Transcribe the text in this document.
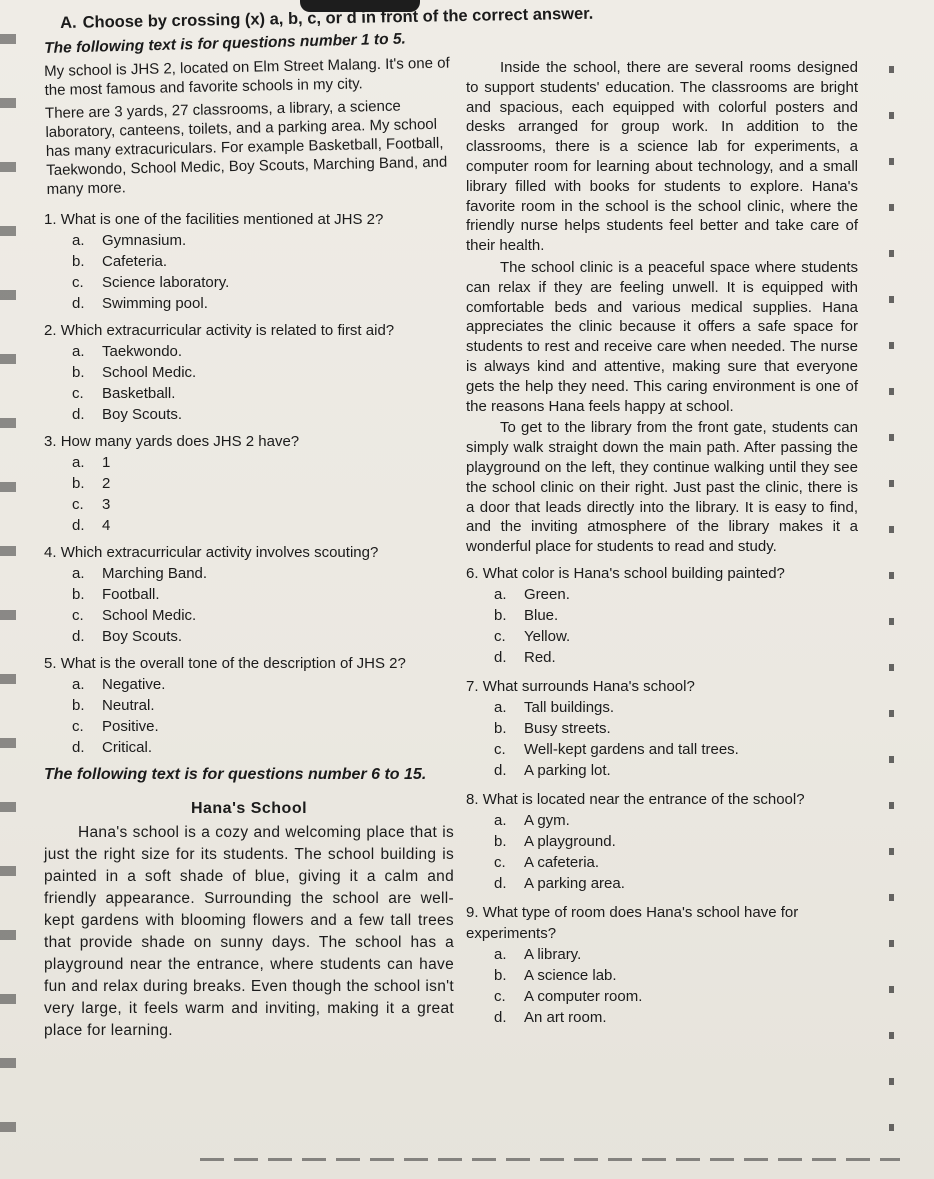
A. Choose by crossing (x) a, b, c, or d in front of the correct answer.
The following text is for questions number 1 to 5.

My school is JHS 2, located on Elm Street Malang. It's one of the most famous and favorite schools in my city.

There are 3 yards, 27 classrooms, a library, a science laboratory, canteens, toilets, and a parking area. My school has many extracuriculars. For example Basketball, Football, Taekwondo, School Medic, Boy Scouts, Marching Band, and many more.

1. What is one of the facilities mentioned at JHS 2?

a. Gymnasium.

b. Cafeteria.

c. Science laboratory.

d. Swimming pool.

2. Which extracurricular activity is related to first aid?

a. Taekwondo.

b. School Medic.

c. Basketball.

d. Boy Scouts.

3. How many yards does JHS 2 have?

a. 1

b. 2

c. 3

d. 4

4. Which extracurricular activity involves scouting?

a. Marching Band.

b. Football.

c. School Medic.

d. Boy Scouts.

5. What is the overall tone of the description of JHS 2?

a. Negative.

b. Neutral.

c. Positive.

d. Critical.

The following text is for questions number 6 to 15.

Hana's School

Hana's school is a cozy and welcoming place that is just the right size for its students. The school building is painted in a soft shade of blue, giving it a calm and friendly appearance. Surrounding the school are well-kept gardens with blooming flowers and a few tall trees that provide shade on sunny days. The school has a playground near the entrance, where students can have fun and relax during breaks. Even though the school isn't very large, it feels warm and inviting, making it a great place for learning.

Inside the school, there are several rooms designed to support students' education. The classrooms are bright and spacious, each equipped with colorful posters and desks arranged for group work. In addition to the classrooms, there is a science lab for experiments, a computer room for learning about technology, and a small library filled with books for students to explore. Hana's favorite room in the school is the school clinic, where the friendly nurse helps students feel better and take care of their health.

The school clinic is a peaceful space where students can relax if they are feeling unwell. It is equipped with comfortable beds and various medical supplies. Hana appreciates the clinic because it offers a safe space for students to rest and receive care when needed. The nurse is always kind and attentive, making sure that everyone gets the help they need. This caring environment is one of the reasons Hana feels happy at school.

To get to the library from the front gate, students can simply walk straight down the main path. After passing the playground on the left, they continue walking until they see the school clinic on their right. Just past the clinic, there is a door that leads directly into the library. It is easy to find, and the inviting atmosphere of the library makes it a wonderful place for students to read and study.

6. What color is Hana's school building painted?

a. Green.

b. Blue.

c. Yellow.

d. Red.

7. What surrounds Hana's school?

a. Tall buildings.

b. Busy streets.

c. Well-kept gardens and tall trees.

d. A parking lot.

8. What is located near the entrance of the school?

a. A gym.

b. A playground.

c. A cafeteria.

d. A parking area.

9. What type of room does Hana's school have for experiments?

a. A library.

b. A science lab.

c. A computer room.

d. An art room.
